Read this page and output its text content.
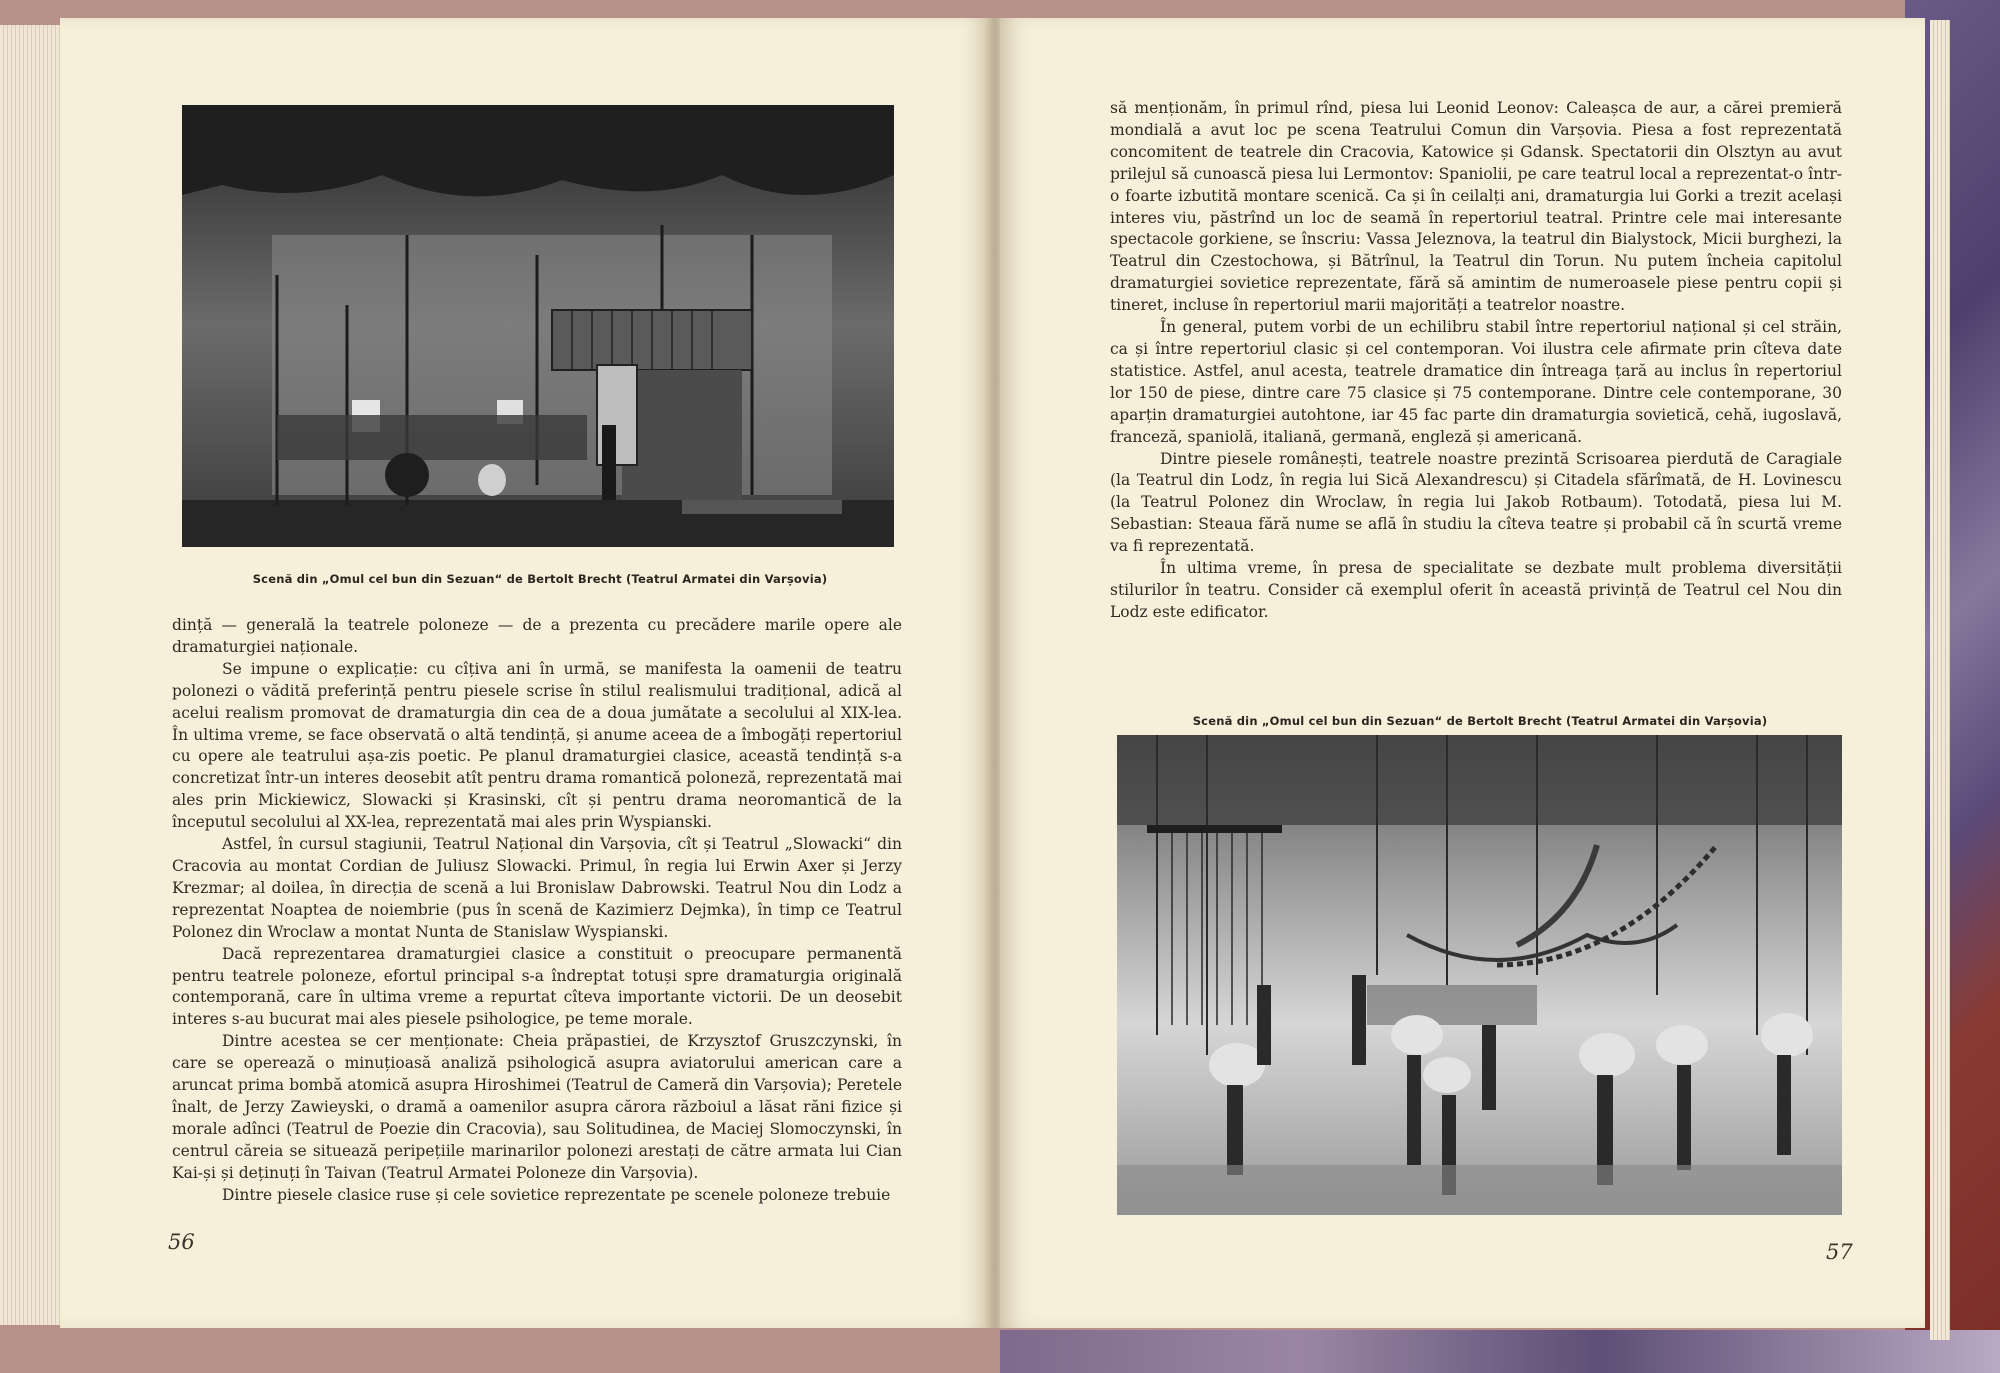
Scenă din „Omul cel bun din Sezuan“ de Bertolt Brecht (Teatrul Armatei din Varșovia)

dință — generală la teatrele poloneze — de a prezenta cu precădere marile opere ale dramaturgiei naționale.

Se impune o explicație: cu cîțiva ani în urmă, se manifesta la oamenii de teatru polonezi o vădită preferință pentru piesele scrise în stilul realismului tradițional, adică al acelui realism promovat de dramaturgia din cea de a doua jumătate a secolului al XIX-lea. În ultima vreme, se face observată o altă tendință, și anume aceea de a îmbogăți repertoriul cu opere ale teatrului așa-zis poetic. Pe planul dramaturgiei clasice, această tendință s-a concretizat într-un interes deosebit atît pentru drama romantică poloneză, reprezentată mai ales prin Mickiewicz, Slowacki și Krasinski, cît și pentru drama neoromantică de la începutul secolului al XX-lea, reprezentată mai ales prin Wyspianski.

Astfel, în cursul stagiunii, Teatrul Național din Varșovia, cît și Teatrul „Slowacki“ din Cracovia au montat Cordian de Juliusz Slowacki. Primul, în regia lui Erwin Axer și Jerzy Krezmar; al doilea, în direcția de scenă a lui Bronislaw Dabrowski. Teatrul Nou din Lodz a reprezentat Noaptea de noiembrie (pus în scenă de Kazimierz Dejmka), în timp ce Teatrul Polonez din Wroclaw a montat Nunta de Stanislaw Wyspianski.

Dacă reprezentarea dramaturgiei clasice a constituit o preocupare permanentă pentru teatrele poloneze, efortul principal s-a îndreptat totuși spre dramaturgia originală contemporană, care în ultima vreme a repurtat cîteva importante victorii. De un deosebit interes s-au bucurat mai ales piesele psihologice, pe teme morale.

Dintre acestea se cer menționate: Cheia prăpastiei, de Krzysztof Gruszczynski, în care se operează o minuțioasă analiză psihologică asupra aviatorului american care a aruncat prima bombă atomică asupra Hiroshimei (Teatrul de Cameră din Varșovia); Peretele înalt, de Jerzy Zawieyski, o dramă a oamenilor asupra cărora războiul a lăsat răni fizice și morale adînci (Teatrul de Poezie din Cracovia), sau Solitudinea, de Maciej Slomoczynski, în centrul căreia se situează peripețiile marinarilor polonezi arestați de către armata lui Cian Kai-și și deținuți în Taivan (Teatrul Armatei Poloneze din Varșovia).

Dintre piesele clasice ruse și cele sovietice reprezentate pe scenele poloneze trebuie

56

să menționăm, în primul rînd, piesa lui Leonid Leonov: Caleașca de aur, a cărei premieră mondială a avut loc pe scena Teatrului Comun din Varșovia. Piesa a fost reprezentată concomitent de teatrele din Cracovia, Katowice și Gdansk. Spectatorii din Olsztyn au avut prilejul să cunoască piesa lui Lermontov: Spaniolii, pe care teatrul local a reprezentat-o într-o foarte izbutită montare scenică. Ca și în ceilalți ani, dramaturgia lui Gorki a trezit același interes viu, păstrînd un loc de seamă în repertoriul teatral. Printre cele mai interesante spectacole gorkiene, se înscriu: Vassa Jeleznova, la teatrul din Bialystock, Micii burghezi, la Teatrul din Czestochowa, și Bătrînul, la Teatrul din Torun. Nu putem încheia capitolul dramaturgiei sovietice reprezentate, fără să amintim de numeroasele piese pentru copii și tineret, incluse în repertoriul marii majorități a teatrelor noastre.

În general, putem vorbi de un echilibru stabil între repertoriul național și cel străin, ca și între repertoriul clasic și cel contemporan. Voi ilustra cele afirmate prin cîteva date statistice. Astfel, anul acesta, teatrele dramatice din întreaga țară au inclus în repertoriul lor 150 de piese, dintre care 75 clasice și 75 contemporane. Dintre cele contemporane, 30 aparțin dramaturgiei autohtone, iar 45 fac parte din dramaturgia sovietică, cehă, iugoslavă, franceză, spaniolă, italiană, germană, engleză și americană.

Dintre piesele românești, teatrele noastre prezintă Scrisoarea pierdută de Caragiale (la Teatrul din Lodz, în regia lui Sică Alexandrescu) și Citadela sfărîmată, de H. Lovinescu (la Teatrul Polonez din Wroclaw, în regia lui Jakob Rotbaum). Totodată, piesa lui M. Sebastian: Steaua fără nume se află în studiu la cîteva teatre și probabil că în scurtă vreme va fi reprezentată.

În ultima vreme, în presa de specialitate se dezbate mult problema diversității stilurilor în teatru. Consider că exemplul oferit în această privință de Teatrul cel Nou din Lodz este edificator.

Scenă din „Omul cel bun din Sezuan“ de Bertolt Brecht (Teatrul Armatei din Varșovia)
57
